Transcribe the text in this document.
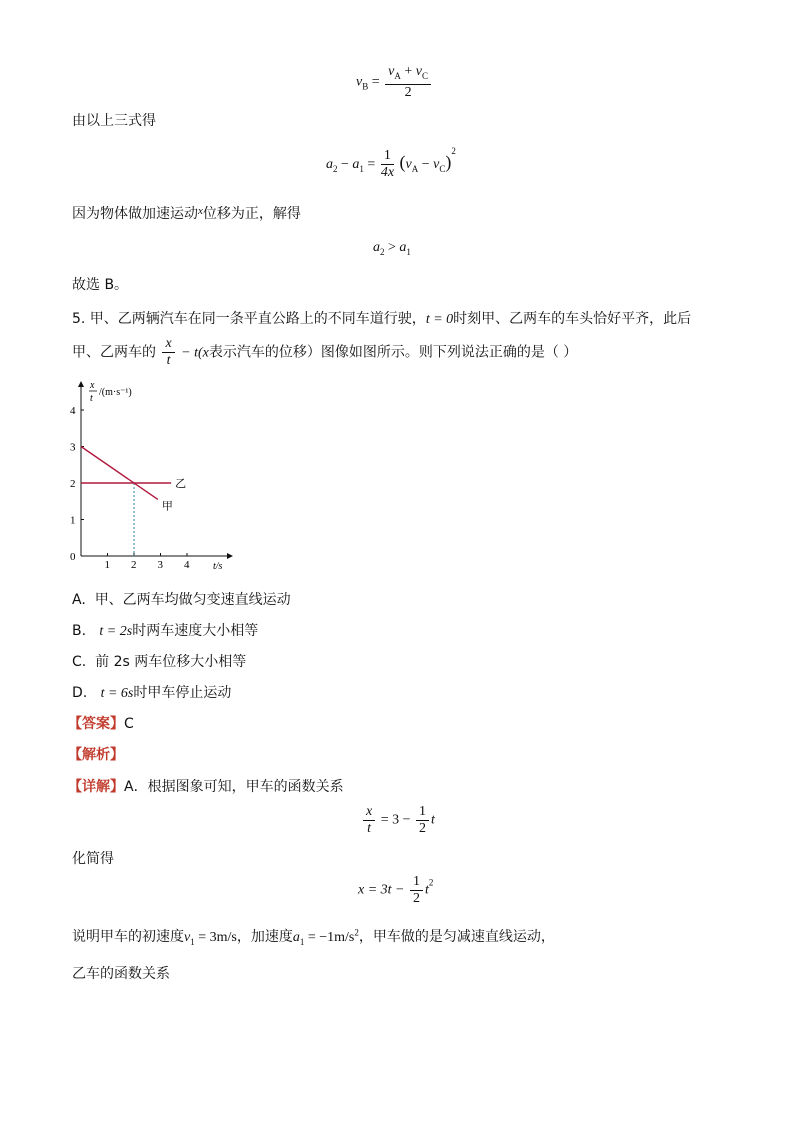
$v_B = \frac{v_A + v_C}{2}$
由以上三式得
$a_2 - a_1 = \frac{1}{4x} (v_A - v_C)^2$
因为物体做加速运动$^x$位移为正，解得
$a_2 > a_1$
故选 B。
5. 甲、乙两辆汽车在同一条平直公路上的不同车道行驶，t = 0时刻甲、乙两车的车头恰好平齐，此后
甲、乙两车的 $\frac{x}{t} - t(x$表示汽车的位移）图像如图所示。则下列说法正确的是（ ）
x
t
/(m·s⁻¹)
t/s
0
1
2
3
4
1 2 3 4
乙
甲
A. 甲、乙两车均做匀变速直线运动
B. t = 2s时两车速度大小相等
C. 前 2s 两车位移大小相等
D. t = 6s时甲车停止运动
【答案】C
【解析】
【详解】A．根据图象可知，甲车的函数关系
$\frac{x}{t} = 3 - \frac{1}{2}$ t
化简得
$x = 3t - \frac{1}{2} t^2$
说明甲车的初速度$v_1 = 3m/s$，加速度$a_1 = -1m/s^2$，甲车做的是匀减速直线运动，
乙车的函数关系
